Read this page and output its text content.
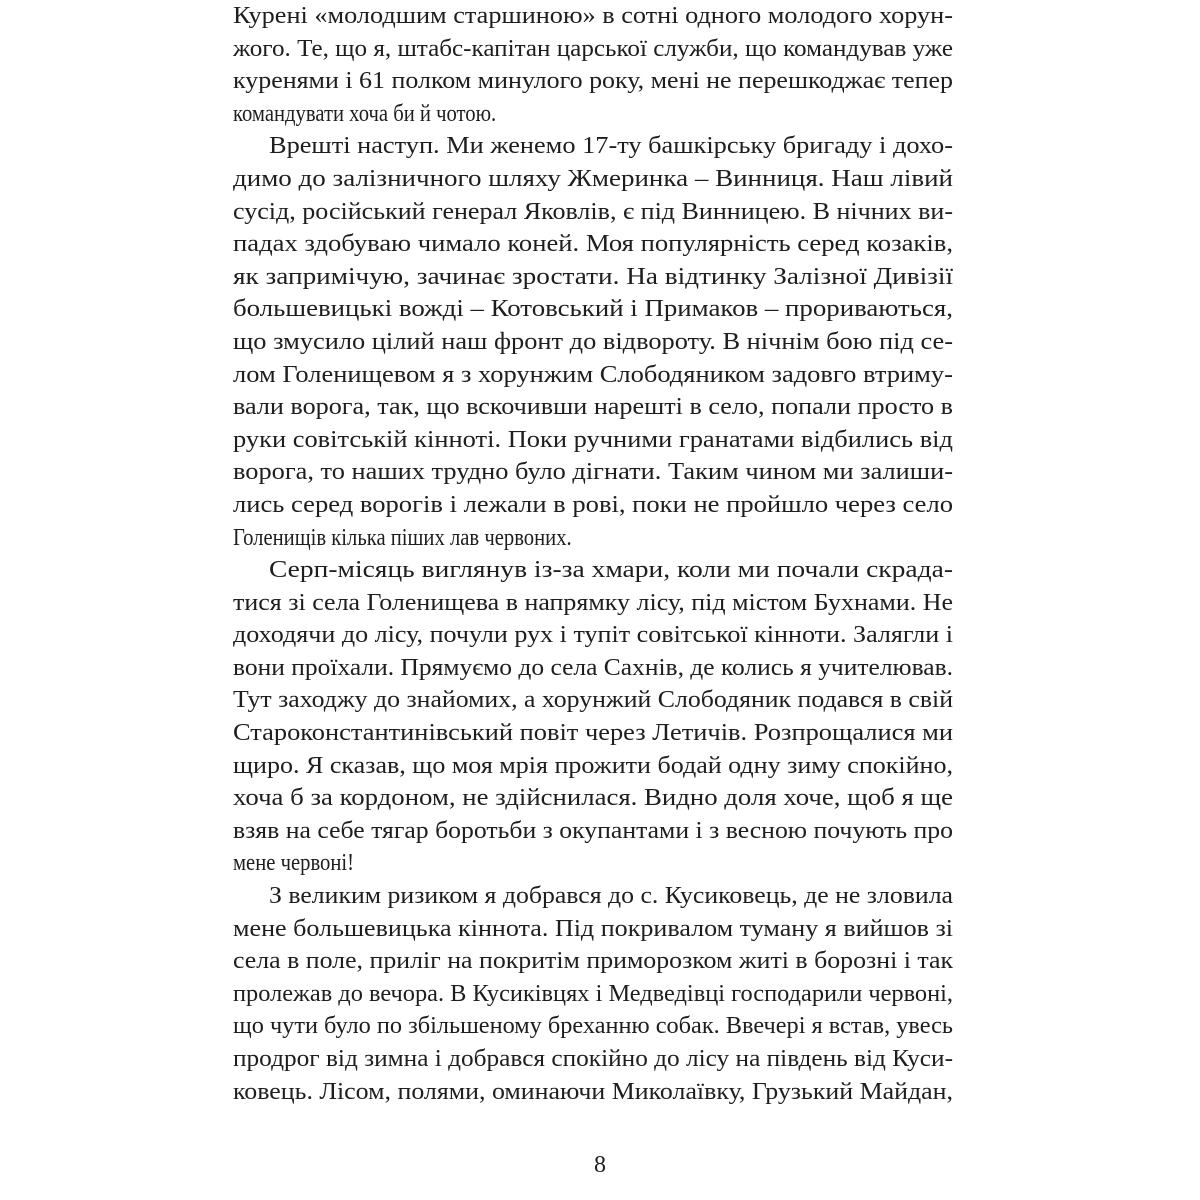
Курені «молодшим старшиною» в сотні одного молодого хорун-
жого. Те, що я, штабс-капітан царської служби, що командував уже
куренями і 61 полком минулого року, мені не перешкоджає тепер
командувати хоча би й чотою.
Врешті наступ. Ми женемо 17-ту башкірську бригаду і дохо-
димо до залізничного шляху Жмеринка – Винниця. Наш лівий
сусід, російський генерал Яковлів, є під Винницею. В нічних ви-
падах здобуваю чимало коней. Моя популярність серед козаків,
як запримічую, зачинає зростати. На відтинку Залізної Дивізії
большевицькі вожді – Котовський і Примаков – прориваються,
що змусило цілий наш фронт до відвороту. В нічнім бою під се-
лом Голенищевом я з хорунжим Слободяником задовго втриму-
вали ворога, так, що вскочивши нарешті в село, попали просто в
руки совітській кінноті. Поки ручними гранатами відбились від
ворога, то наших трудно було дігнати. Таким чином ми залиши-
лись серед ворогів і лежали в рові, поки не пройшло через село
Голенищів кілька піших лав червоних.
Серп-місяць виглянув із-за хмари, коли ми почали скрада-
тися зі села Голенищева в напрямку лісу, під містом Бухнами. Не
доходячи до лісу, почули рух і тупіт совітської кінноти. Залягли і
вони проїхали. Прямуємо до села Сахнів, де колись я учителював.
Тут заходжу до знайомих, а хорунжий Слободяник подався в свій
Староконстантинівський повіт через Летичів. Розпрощалися ми
щиро. Я сказав, що моя мрія прожити бодай одну зиму спокійно,
хоча б за кордоном, не здійснилася. Видно доля хоче, щоб я ще
взяв на себе тягар боротьби з окупантами і з весною почують про
мене червоні!
З великим ризиком я добрався до с. Кусиковець, де не зловила
мене большевицька кіннота. Під покривалом туману я вийшов зі
села в поле, приліг на покритім приморозком житі в борозні і так
пролежав до вечора. В Кусиківцях і Медведівці господарили червоні,
що чути було по збільшеному бреханню собак. Ввечері я встав, увесь
продрог від зимна і добрався спокійно до лісу на південь від Куси-
ковець. Лісом, полями, оминаючи Миколаївку, Грузький Майдан,
8
